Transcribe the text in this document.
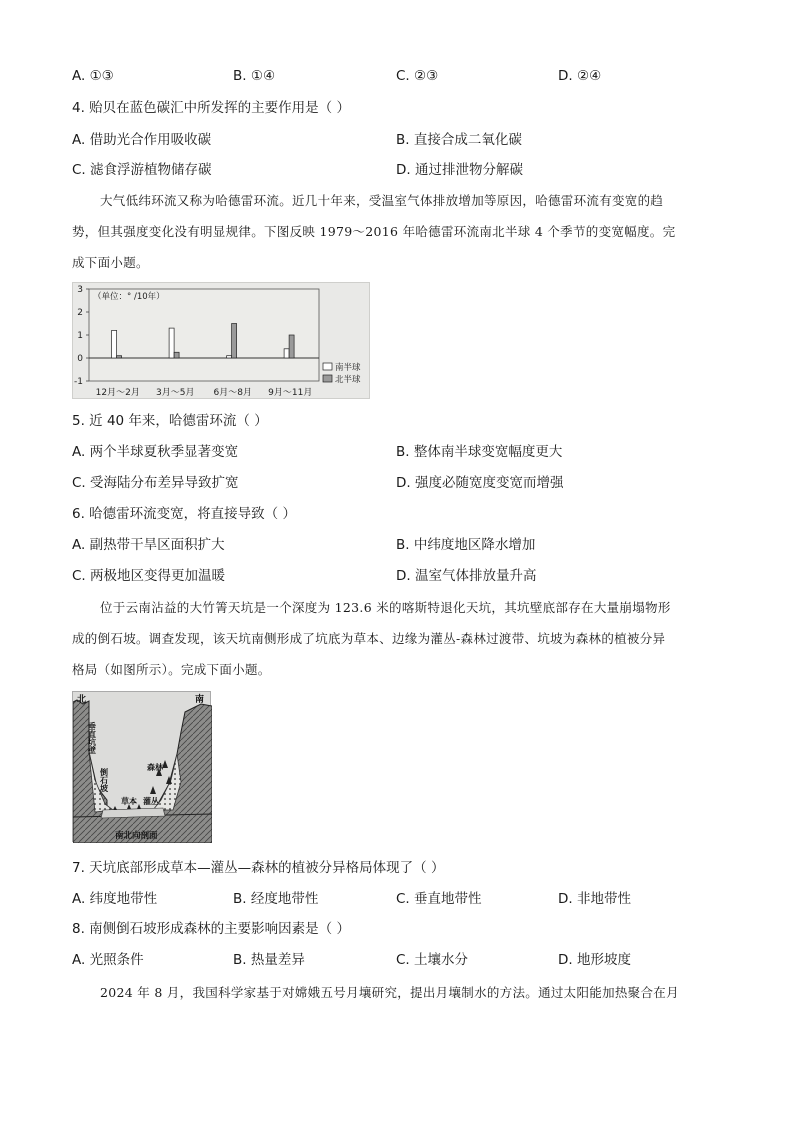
A. ①③	B. ①④	C. ②③	D. ②④
4. 贻贝在蓝色碳汇中所发挥的主要作用是（ ）
A. 借助光合作用吸收碳	B. 直接合成二氧化碳
C. 滤食浮游植物储存碳	D. 通过排泄物分解碳
大气低纬环流又称为哈德雷环流。近几十年来，受温室气体排放增加等原因，哈德雷环流有变宽的趋
势，但其强度变化没有明显规律。下图反映 1979～2016 年哈德雷环流南北半球 4 个季节的变宽幅度。完
成下面小题。
3
2
1
0
-1
（单位：° /10年）
12月～2月 3月～5月 6月～8月 9月～11月
南半球
北半球
5. 近 40 年来，哈德雷环流（ ）
A. 两个半球夏秋季显著变宽	B. 整体南半球变宽幅度更大
C. 受海陆分布差异导致扩宽	D. 强度必随宽度变宽而增强
6. 哈德雷环流变宽，将直接导致（ ）
A. 副热带干旱区面积扩大	B. 中纬度地区降水增加
C. 两极地区变得更加温暖	D. 温室气体排放量升高
位于云南沾益的大竹箐天坑是一个深度为 123.6 米的喀斯特退化天坑，其坑壁底部存在大量崩塌物形
成的倒石坡。调查发现，该天坑南侧形成了坑底为草本、边缘为灌丛-森林过渡带、坑坡为森林的植被分异
格局（如图所示）。完成下面小题。
北	南
垂直坑壁
倒石坡
森林
草本 灌丛
南北向剖面
7. 天坑底部形成草本—灌丛—森林的植被分异格局体现了（ ）
A. 纬度地带性	B. 经度地带性	C. 垂直地带性	D. 非地带性
8. 南侧倒石坡形成森林的主要影响因素是（ ）
A. 光照条件	B. 热量差异	C. 土壤水分	D. 地形坡度
2024 年 8 月，我国科学家基于对嫦娥五号月壤研究，提出月壤制水的方法。通过太阳能加热聚合在月
